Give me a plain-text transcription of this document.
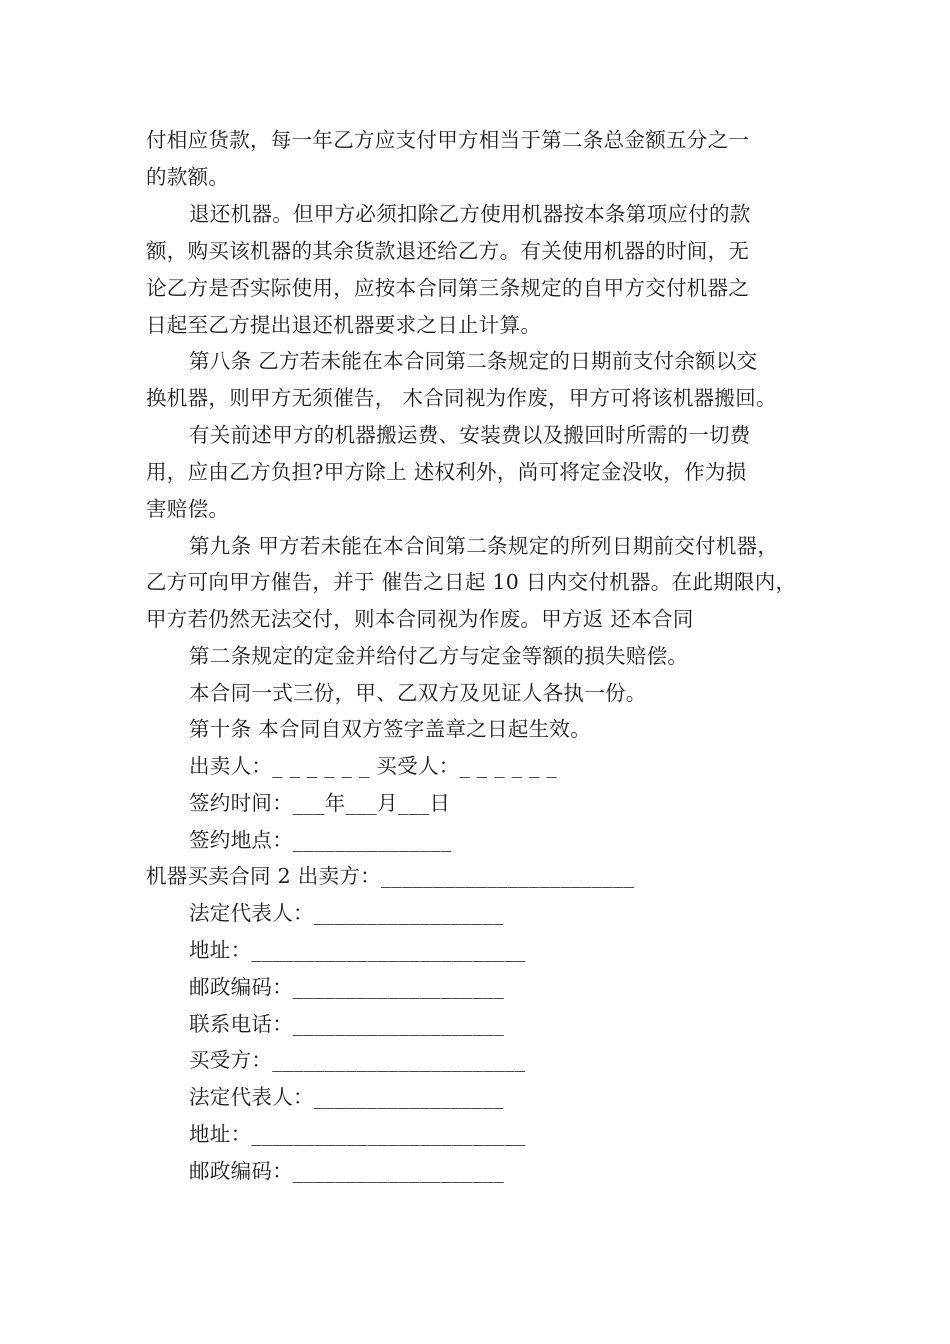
付相应货款，每一年乙方应支付甲方相当于第二条总金额五分之一
的款额。
退还机器。但甲方必须扣除乙方使用机器按本条第项应付的款
额，购买该机器的其余货款退还给乙方。有关使用机器的时间，无
论乙方是否实际使用，应按本合同第三条规定的自甲方交付机器之
日起至乙方提出退还机器要求之日止计算。
第八条 乙方若未能在本合同第二条规定的日期前支付余额以交
换机器，则甲方无须催告， 木合同视为作废，甲方可将该机器搬回。
有关前述甲方的机器搬运费、安装费以及搬回时所需的一切费
用，应由乙方负担?甲方除上 述权利外，尚可将定金没收，作为损
害赔偿。
第九条 甲方若未能在本合间第二条规定的所列日期前交付机器，
乙方可向甲方催告，并于 催告之日起 10 日内交付机器。在此期限内，
甲方若仍然无法交付，则本合同视为作废。甲方返 还本合同
第二条规定的定金并给付乙方与定金等额的损失赔偿。
本合同一式三份，甲、乙双方及见证人各执一份。
第十条 本合同自双方签字盖章之日起生效。
出卖人：_ _ _ _ _ _ 买受人：_ _ _ _ _ _
签约时间：___年___月___日
签约地点：_______________
机器买卖合同 2 出卖方：________________________
法定代表人：__________________
地址：__________________________
邮政编码：____________________
联系电话：____________________
买受方：________________________
法定代表人：__________________
地址：__________________________
邮政编码：____________________
